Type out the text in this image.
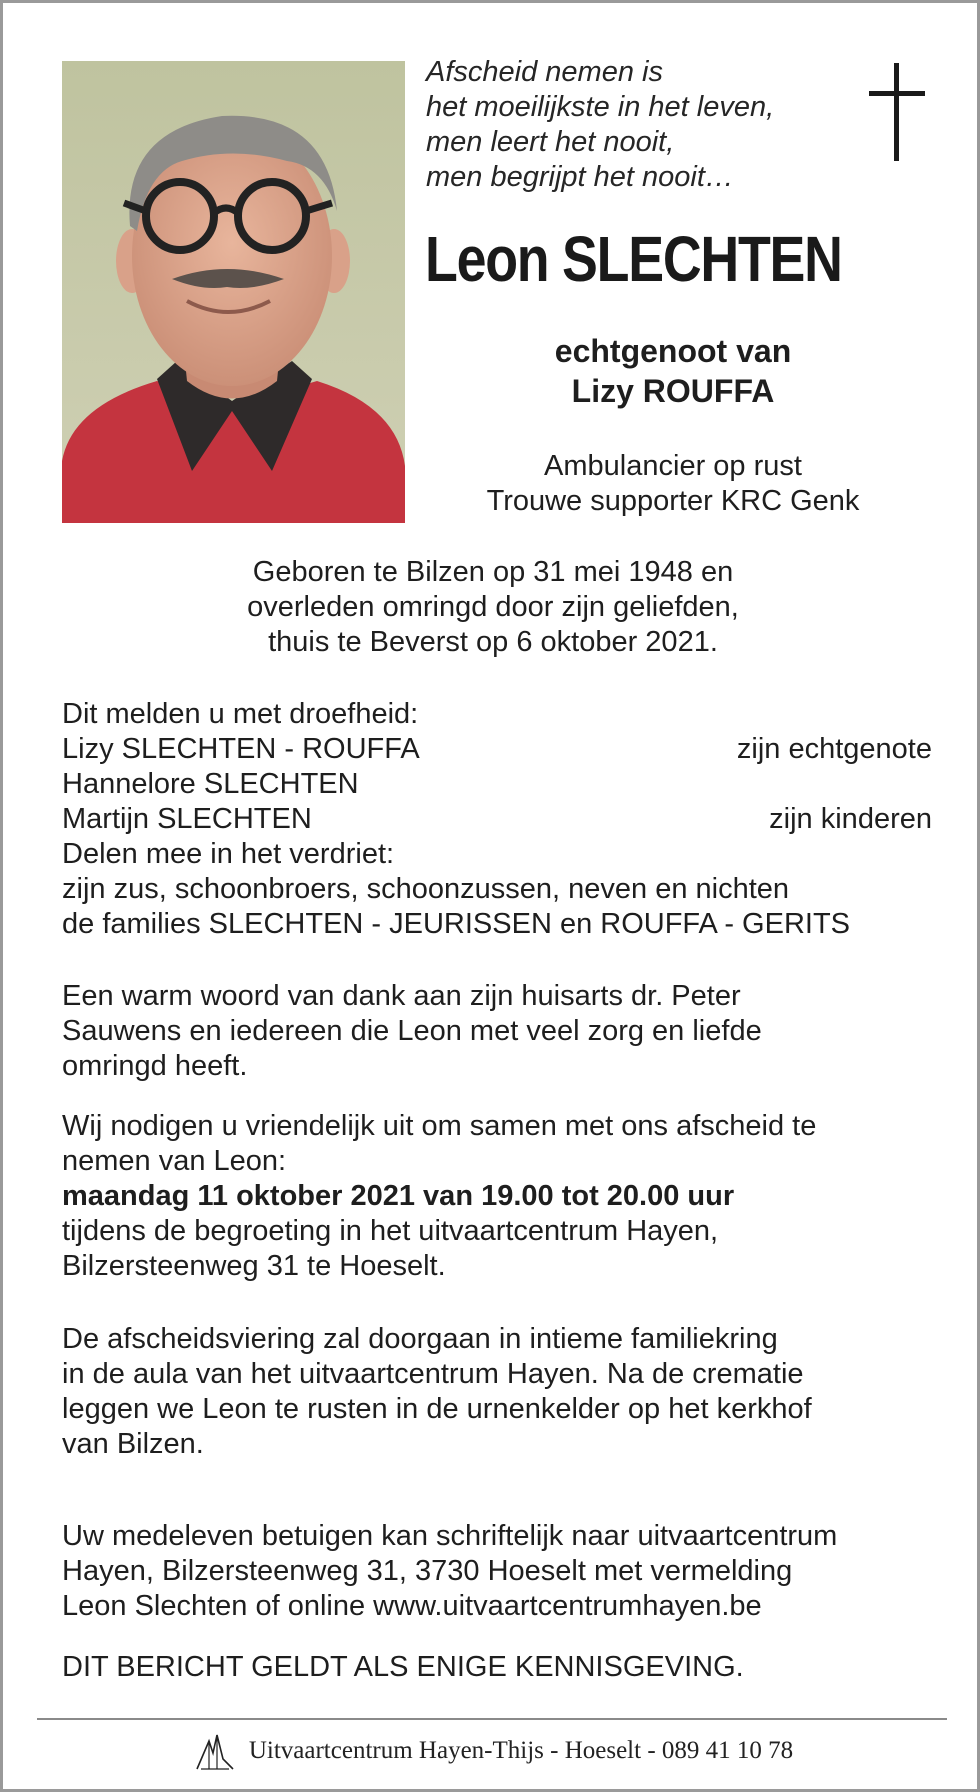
Afscheid nemen is
het moeilijkste in het leven,
men leert het nooit,
men begrijpt het nooit…
Leon SLECHTEN
echtgenoot van
Lizy ROUFFA
Ambulancier op rust
Trouwe supporter KRC Genk
Geboren te Bilzen op 31 mei 1948 en
overleden omringd door zijn geliefden,
thuis te Beverst op 6 oktober 2021.
Dit melden u met droefheid:
Lizy SLECHTEN - ROUFFA	zijn echtgenote
Hannelore SLECHTEN
Martijn SLECHTEN	zijn kinderen
Delen mee in het verdriet:
zijn zus, schoonbroers, schoonzussen, neven en nichten
de families SLECHTEN - JEURISSEN en ROUFFA - GERITS
Een warm woord van dank aan zijn huisarts dr. Peter
Sauwens en iedereen die Leon met veel zorg en liefde
omringd heeft.
Wij nodigen u vriendelijk uit om samen met ons afscheid te
nemen van Leon:
maandag 11 oktober 2021 van 19.00 tot 20.00 uur
tijdens de begroeting in het uitvaartcentrum Hayen,
Bilzersteenweg 31 te Hoeselt.
De afscheidsviering zal doorgaan in intieme familiekring
in de aula van het uitvaartcentrum Hayen. Na de crematie
leggen we Leon te rusten in de urnenkelder op het kerkhof
van Bilzen.
Uw medeleven betuigen kan schriftelijk naar uitvaartcentrum
Hayen, Bilzersteenweg 31, 3730 Hoeselt met vermelding
Leon Slechten of online www.uitvaartcentrumhayen.be
DIT BERICHT GELDT ALS ENIGE KENNISGEVING.
Uitvaartcentrum Hayen-Thijs - Hoeselt - 089 41 10 78
